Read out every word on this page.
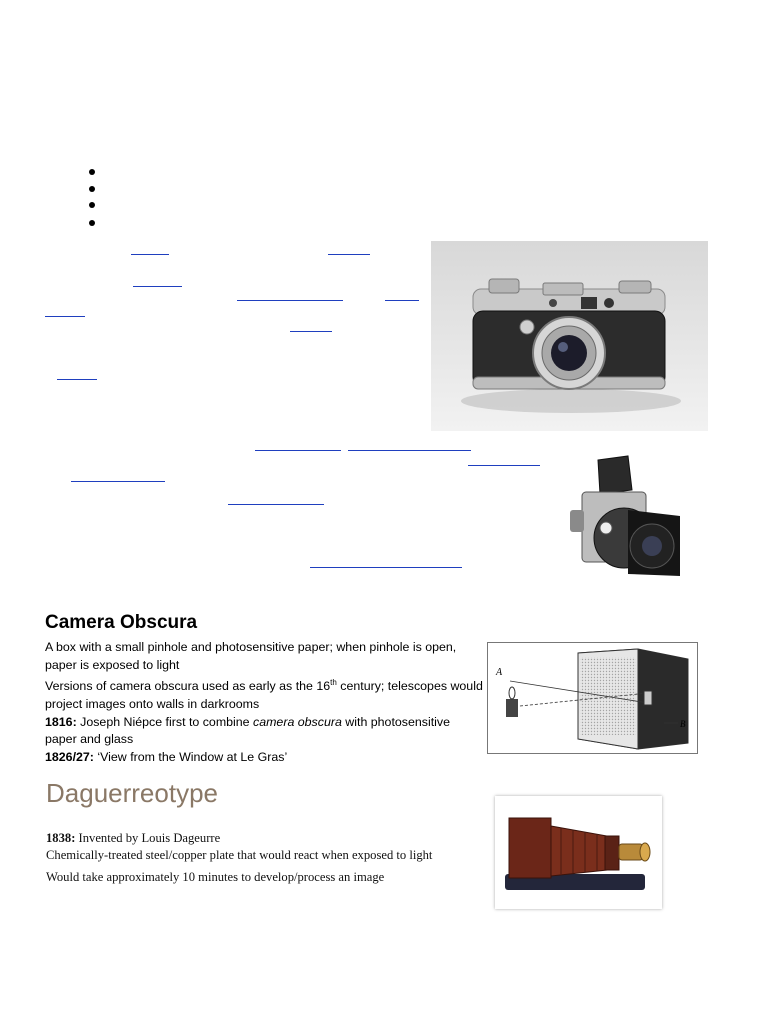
Camera Obscura

A box with a small pinhole and photosensitive paper; when pinhole is open, paper is exposed to light

Versions of camera obscura used as early as the 16th century; telescopes would project images onto walls in darkrooms

1816: Joseph Niépce first to combine camera obscura with photosensitive paper and glass

1826/27: ‘View from the Window at Le Gras’

A
B
Daguerreotype

1838: Invented by Louis Dageurre

Chemically-treated steel/copper plate that would react when exposed to light

Would take approximately 10 minutes to develop/process an image
